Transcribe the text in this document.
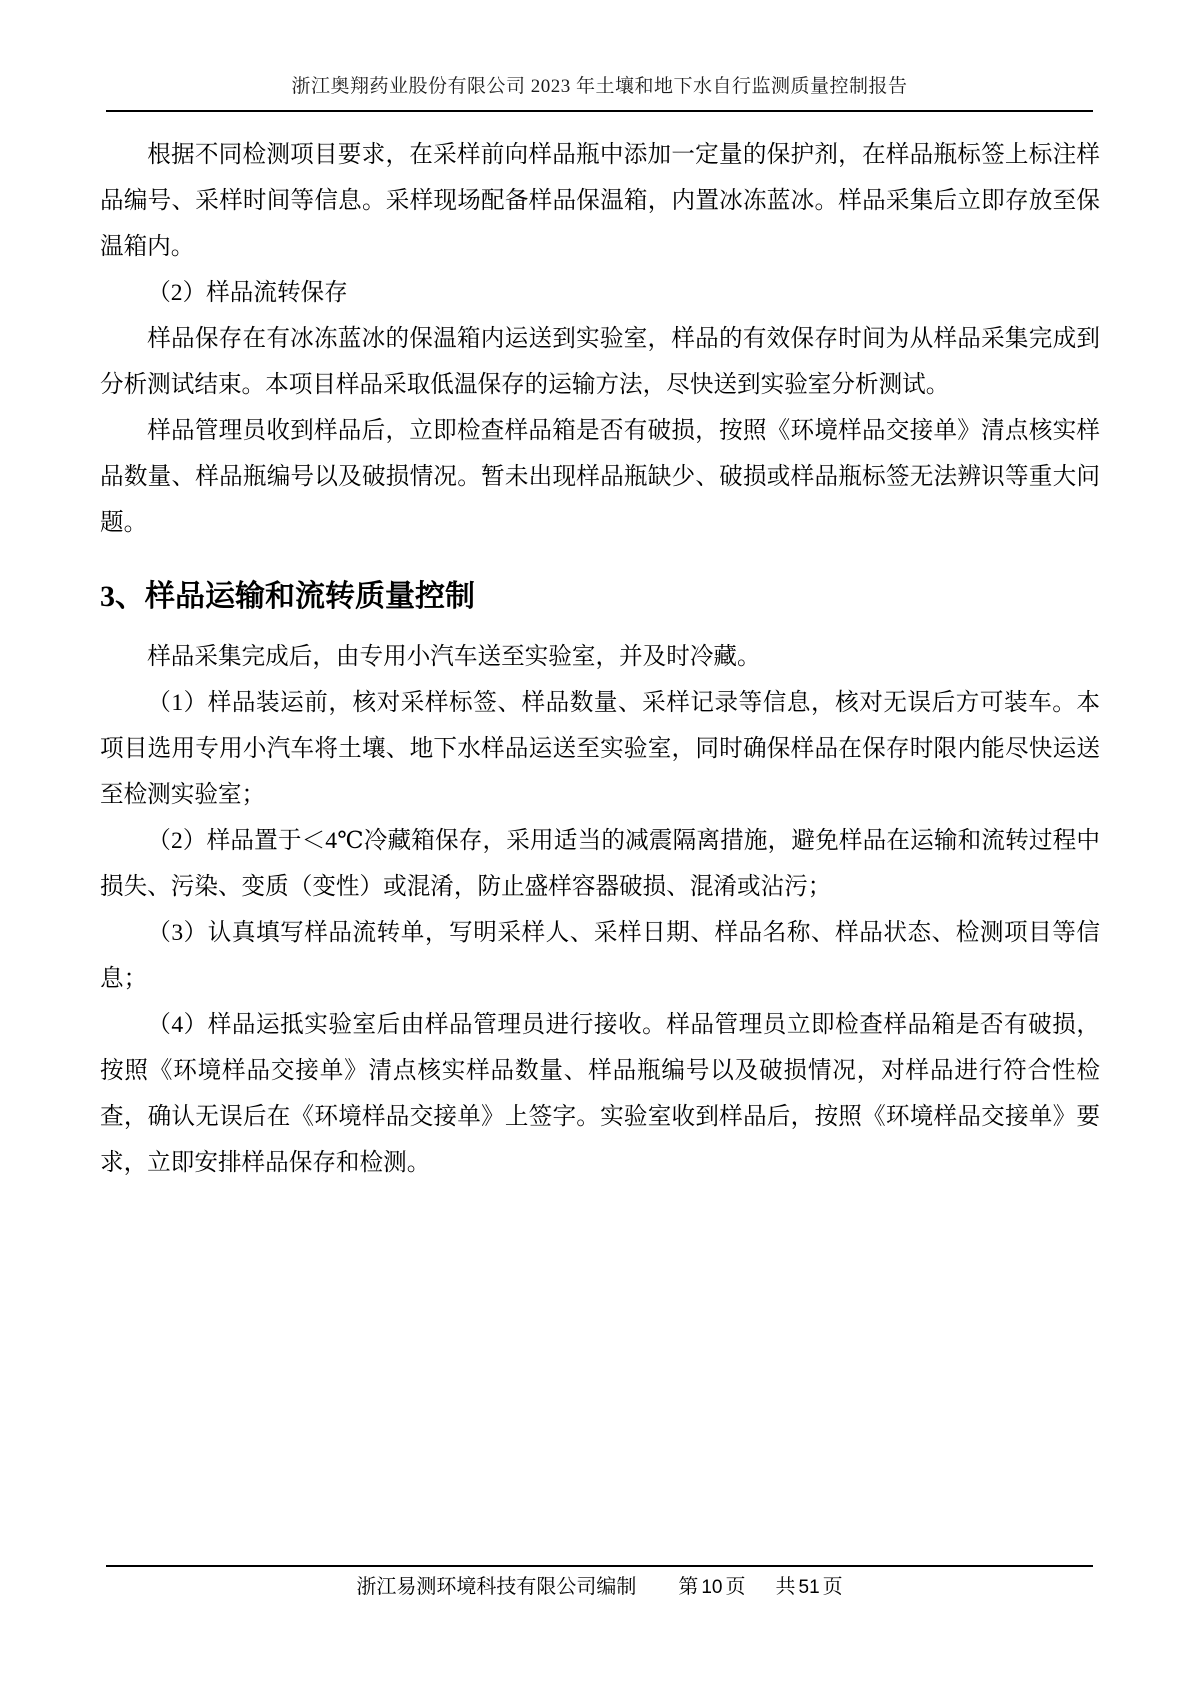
浙江奥翔药业股份有限公司 2023 年土壤和地下水自行监测质量控制报告

根据不同检测项目要求，在采样前向样品瓶中添加一定量的保护剂，在样品瓶标签上标注样品编号、采样时间等信息。采样现场配备样品保温箱，内置冰冻蓝冰。样品采集后立即存放至保温箱内。

（2）样品流转保存

样品保存在有冰冻蓝冰的保温箱内运送到实验室，样品的有效保存时间为从样品采集完成到分析测试结束。本项目样品采取低温保存的运输方法，尽快送到实验室分析测试。

样品管理员收到样品后，立即检查样品箱是否有破损，按照《环境样品交接单》清点核实样品数量、样品瓶编号以及破损情况。暂未出现样品瓶缺少、破损或样品瓶标签无法辨识等重大问题。

3、样品运输和流转质量控制

样品采集完成后，由专用小汽车送至实验室，并及时冷藏。

（1）样品装运前，核对采样标签、样品数量、采样记录等信息，核对无误后方可装车。本项目选用专用小汽车将土壤、地下水样品运送至实验室，同时确保样品在保存时限内能尽快运送至检测实验室；

（2）样品置于＜4℃冷藏箱保存，采用适当的减震隔离措施，避免样品在运输和流转过程中损失、污染、变质（变性）或混淆，防止盛样容器破损、混淆或沾污；

（3）认真填写样品流转单，写明采样人、采样日期、样品名称、样品状态、检测项目等信息；

（4）样品运抵实验室后由样品管理员进行接收。样品管理员立即检查样品箱是否有破损，按照《环境样品交接单》清点核实样品数量、样品瓶编号以及破损情况，对样品进行符合性检查，确认无误后在《环境样品交接单》上签字。实验室收到样品后，按照《环境样品交接单》要求，立即安排样品保存和检测。

浙江易测环境科技有限公司编制 第 10 页 共 51 页
